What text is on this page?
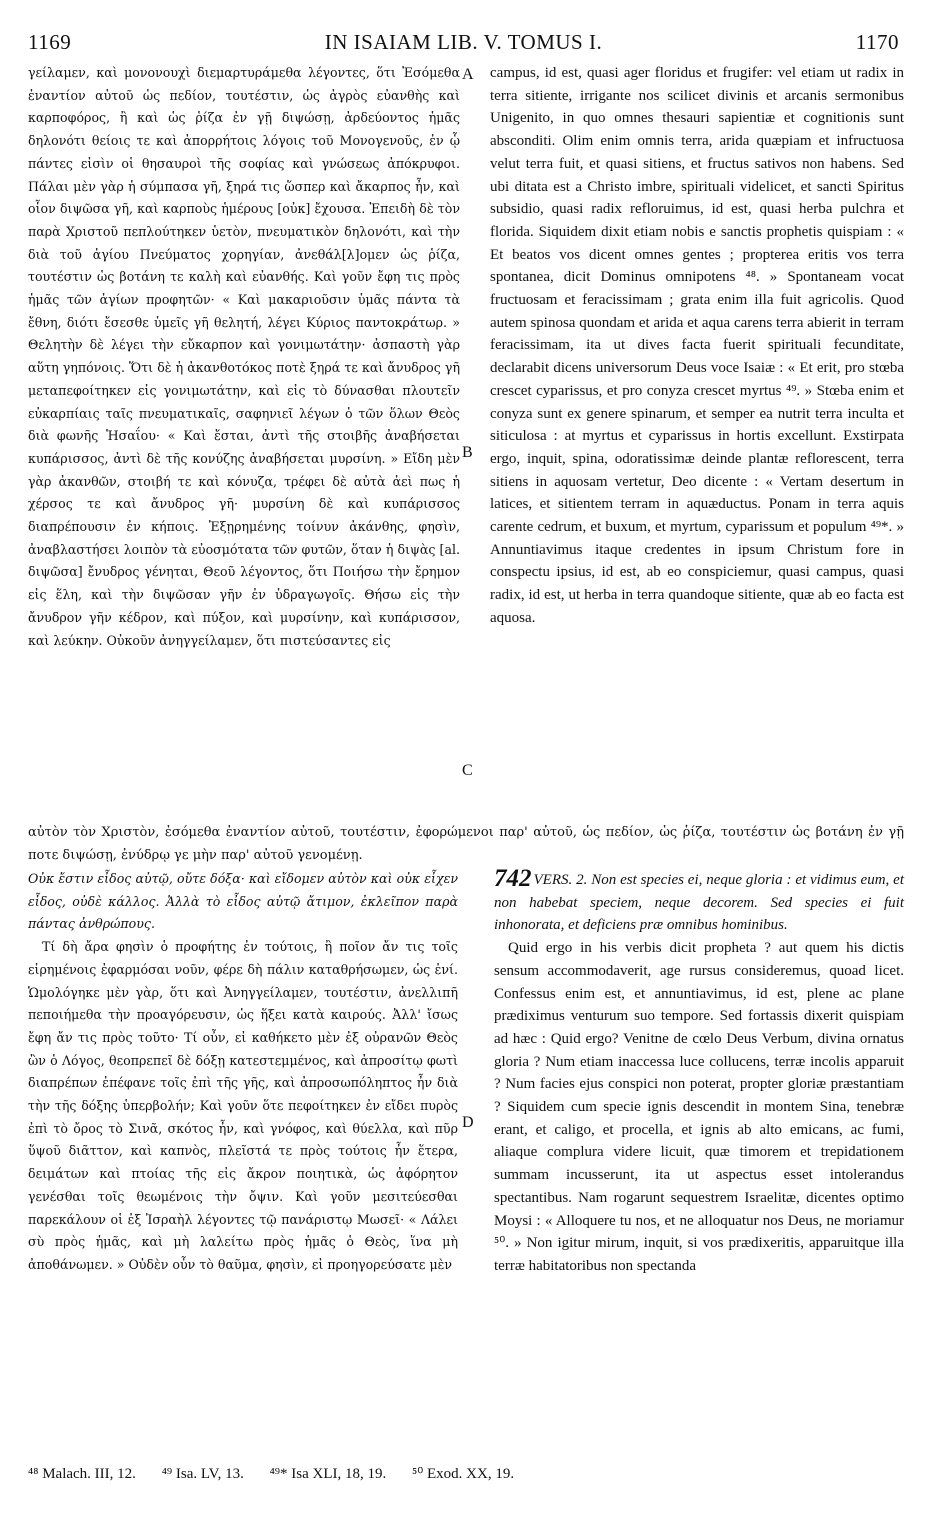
1169	IN ISAIAM LIB. V. TOMUS I.	1170

γείλαμεν, καὶ μονονουχὶ διεμαρτυράμεθα λέγοντες, ὅτι Ἐσόμεθα ἐναντίον αὐτοῦ ὡς πεδίον, τουτέστιν, ὡς ἀγρὸς εὐανθὴς καὶ καρποφόρος, ἢ καὶ ὡς ῥίζα ἐν γῇ διψώσῃ, ἀρδεύοντος ἡμᾶς δηλονότι θείοις τε καὶ ἀπορρήτοις λόγοις τοῦ Μονογενοῦς, ἐν ᾧ πάντες εἰσὶν οἱ θησαυροὶ τῆς σοφίας καὶ γνώσεως ἀπόκρυφοι. Πάλαι μὲν γὰρ ἡ σύμπασα γῆ, ξηρά τις ὥσπερ καὶ ἄκαρπος ἦν, καὶ οἷον διψῶσα γῆ, καὶ καρποὺς ἡμέρους [οὐκ] ἔχουσα. Ἐπειδὴ δὲ τὸν παρὰ Χριστοῦ πεπλούτηκεν ὑετὸν, πνευματικὸν δηλονότι, καὶ τὴν διὰ τοῦ ἁγίου Πνεύματος χορηγίαν, ἀνεθάλ[λ]ομεν ὡς ῥίζα, τουτέστιν ὡς βοτάνη τε καλὴ καὶ εὐανθής. Καὶ γοῦν ἔφη τις πρὸς ἡμᾶς τῶν ἁγίων προφητῶν· « Καὶ μακαριοῦσιν ὑμᾶς πάντα τὰ ἔθνη, διότι ἔσεσθε ὑμεῖς γῆ θελητή, λέγει Κύριος παντοκράτωρ. » Θελητὴν δὲ λέγει τὴν εὔκαρπον καὶ γονιμωτάτην· ἀσπαστὴ γὰρ αὕτη γηπόνοις. Ὅτι δὲ ἡ ἀκανθοτόκος ποτὲ ξηρά τε καὶ ἄνυδρος γῆ μεταπεφοίτηκεν εἰς γονιμωτάτην, καὶ εἰς τὸ δύνασθαι πλουτεῖν εὐκαρπίαις ταῖς πνευματικαῖς, σαφηνιεῖ λέγων ὁ τῶν ὅλων Θεὸς διὰ φωνῆς Ἡσαΐου· « Καὶ ἔσται, ἀντὶ τῆς στοιβῆς ἀναβήσεται κυπάρισσος, ἀντὶ δὲ τῆς κονύζης ἀναβήσεται μυρσίνη. » Εἴδη μὲν γὰρ ἀκανθῶν, στοιβή τε καὶ κόνυζα, τρέφει δὲ αὐτὰ ἀεὶ πως ἡ χέρσος τε καὶ ἄνυδρος γῆ· μυρσίνη δὲ καὶ κυπάρισσος διαπρέπουσιν ἐν κήποις. Ἐξῃρημένης τοίνυν ἀκάνθης, φησὶν, ἀναβλαστήσει λοιπὸν τὰ εὐοσμότατα τῶν φυτῶν, ὅταν ἡ διψὰς [al. διψῶσα] ἔνυδρος γένηται, Θεοῦ λέγοντος, ὅτι Ποιήσω τὴν ἔρημον εἰς ἕλη, καὶ τὴν διψῶσαν γῆν ἐν ὑδραγωγοῖς. Θήσω εἰς τὴν ἄνυδρον γῆν κέδρον, καὶ πύξον, καὶ μυρσίνην, καὶ κυπάρισσον, καὶ λεύκην. Οὐκοῦν ἀνηγγείλαμεν, ὅτι πιστεύσαντες εἰς

A
B
C
D

campus, id est, quasi ager floridus et frugifer: vel etiam ut radix in terra sitiente, irrigante nos scilicet divinis et arcanis sermonibus Unigenito, in quo omnes thesauri sapientiæ et cognitionis sunt absconditi. Olim enim omnis terra, arida quæpiam et infructuosa velut terra fuit, et quasi sitiens, et fructus sativos non habens. Sed ubi ditata est a Christo imbre, spirituali videlicet, et sancti Spiritus subsidio, quasi radix refloruimus, id est, quasi herba pulchra et florida. Siquidem dixit etiam nobis e sanctis prophetis quispiam : « Et beatos vos dicent omnes gentes ; propterea eritis vos terra spontanea, dicit Dominus omnipotens ⁴⁸. » Spontaneam vocat fructuosam et feracissimam ; grata enim illa fuit agricolis. Quod autem spinosa quondam et arida et aqua carens terra abierit in terram feracissimam, ita ut dives facta fuerit spirituali fecunditate, declarabit dicens universorum Deus voce Isaiæ : « Et erit, pro stœba crescet cyparissus, et pro conyza crescet myrtus ⁴⁹. » Stœba enim et conyza sunt ex genere spinarum, et semper ea nutrit terra inculta et siticulosa : at myrtus et cyparissus in hortis excellunt. Exstirpata ergo, inquit, spina, odoratissimæ deinde plantæ reflorescent, terra sitiens in aquosam vertetur, Deo dicente : « Vertam desertum in latices, et sitientem terram in aquæductus. Ponam in terra aquis carente cedrum, et buxum, et myrtum, cyparissum et populum ⁴⁹*. » Annuntiavimus itaque credentes in ipsum Christum fore in conspectu ipsius, id est, ab eo conspiciemur, quasi campus, quasi radix, id est, ut herba in terra quandoque sitiente, quæ ab eo facta est aquosa.

αὐτὸν τὸν Χριστὸν, ἐσόμεθα ἐναντίον αὐτοῦ, τουτέστιν, ἐφορώμενοι παρ' αὐτοῦ, ὡς πεδίον, ὡς ῥίζα, τουτέστιν ὡς βοτάνη ἐν γῇ ποτε διψώσῃ, ἐνύδρῳ γε μὴν παρ' αὐτοῦ γενομένῃ.

Οὐκ ἔστιν εἶδος αὐτῷ, οὔτε δόξα· καὶ εἴδομεν αὐτὸν καὶ οὐκ εἶχεν εἶδος, οὐδὲ κάλλος. Ἀλλὰ τὸ εἶδος αὐτῷ ἄτιμον, ἐκλεῖπον παρὰ πάντας ἀνθρώπους.

Τί δὴ ἄρα φησὶν ὁ προφήτης ἐν τούτοις, ἢ ποῖον ἄν τις τοῖς εἰρημένοις ἐφαρμόσαι νοῦν, φέρε δὴ πάλιν καταθρήσωμεν, ὡς ἐνί. Ὡμολόγηκε μὲν γὰρ, ὅτι καὶ Ἀνηγγείλαμεν, τουτέστιν, ἀνελλιπῆ πεποιήμεθα τὴν προαγόρευσιν, ὡς ἥξει κατὰ καιρούς. Ἀλλ' ἴσως ἔφη ἄν τις πρὸς τοῦτο· Τί οὖν, εἰ καθήκετο μὲν ἐξ οὐρανῶν Θεὸς ὢν ὁ Λόγος, θεοπρεπεῖ δὲ δόξῃ κατεστεμμένος, καὶ ἀπροσίτῳ φωτὶ διαπρέπων ἐπέφανε τοῖς ἐπὶ τῆς γῆς, καὶ ἀπροσωπόληπτος ἦν διὰ τὴν τῆς δόξης ὑπερβολήν; Καὶ γοῦν ὅτε πεφοίτηκεν ἐν εἴδει πυρὸς ἐπὶ τὸ ὄρος τὸ Σινᾶ, σκότος ἦν, καὶ γνόφος, καὶ θύελλα, καὶ πῦρ ὕψοῦ διᾶττον, καὶ καπνὸς, πλεῖστά τε πρὸς τούτοις ἦν ἕτερα, δειμάτων καὶ πτοίας τῆς εἰς ἄκρον ποιητικὰ, ὡς ἀφόρητον γενέσθαι τοῖς θεωμένοις τὴν ὄψιν. Καὶ γοῦν μεσιτεύεσθαι παρεκάλουν οἱ ἐξ Ἰσραὴλ λέγοντες τῷ πανάριστῳ Μωσεῖ· « Λάλει σὺ πρὸς ἡμᾶς, καὶ μὴ λαλείτω πρὸς ἡμᾶς ὁ Θεὸς, ἵνα μὴ ἀποθάνωμεν. » Οὐδὲν οὖν τὸ θαῦμα, φησὶν, εἰ προηγορεύσατε μὲν

742 VERS. 2. Non est species ei, neque gloria : et vidimus eum, et non habebat speciem, neque decorem. Sed species ei fuit inhonorata, et deficiens præ omnibus hominibus.

Quid ergo in his verbis dicit propheta ? aut quem his dictis sensum accommodaverit, age rursus consideremus, quoad licet. Confessus enim est, et annuntiavimus, id est, plene ac plane prædiximus venturum suo tempore. Sed fortassis dixerit quispiam ad hæc : Quid ergo? Venitne de cœlo Deus Verbum, divina ornatus gloria ? Num etiam inaccessa luce collucens, terræ incolis apparuit ? Num facies ejus conspici non poterat, propter gloriæ præstantiam ? Siquidem cum specie ignis descendit in montem Sina, tenebræ erant, et caligo, et procella, et ignis ab alto emicans, ac fumi, aliaque complura videre licuit, quæ timorem et trepidationem summam incusserunt, ita ut aspectus esset intolerandus spectantibus. Nam rogarunt sequestrem Israelitæ, dicentes optimo Moysi : « Alloquere tu nos, et ne alloquatur nos Deus, ne moriamur ⁵⁰. » Non igitur mirum, inquit, si vos prædixeritis, apparuitque illa terræ habitatoribus non spectanda

⁴⁸ Malach. III, 12. ⁴⁹ Isa. LV, 13. ⁴⁹* Isa XLI, 18, 19. ⁵⁰ Exod. XX, 19.
